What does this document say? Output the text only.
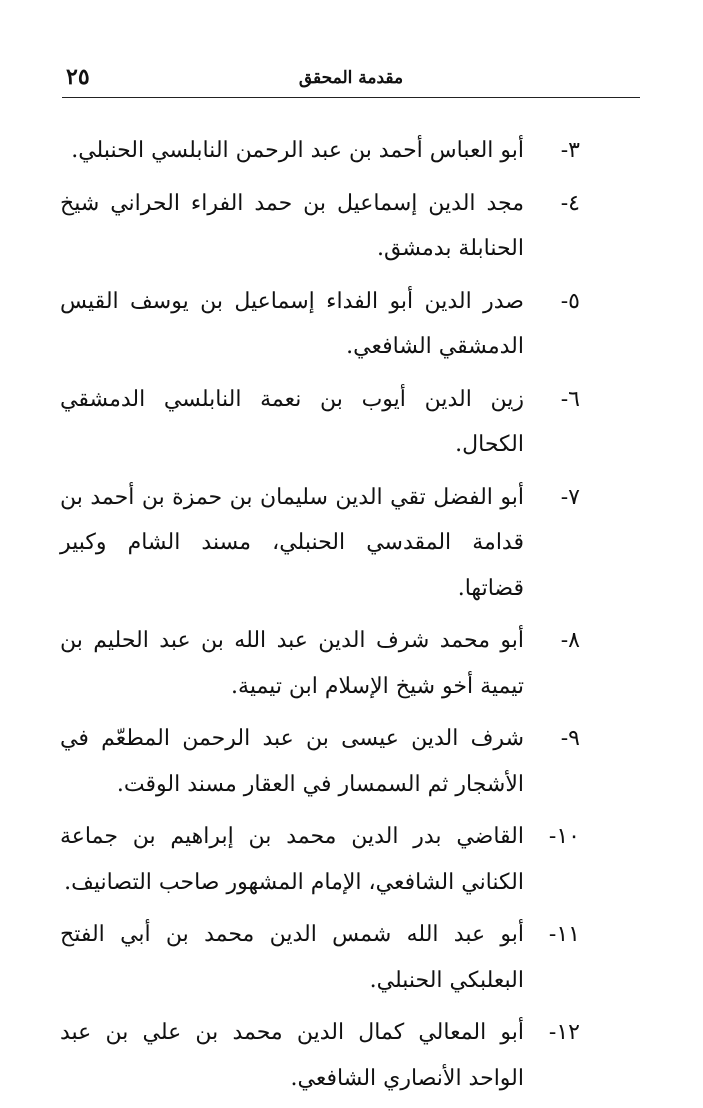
٢٥	مقدمة المحقق
٣-
أبو العباس أحمد بن عبد الرحمن النابلسي الحنبلي.
٤-
مجد الدين إسماعيل بن حمد الفراء الحراني شيخ الحنابلة بدمشق.
٥-
صدر الدين أبو الفداء إسماعيل بن يوسف القيس الدمشقي الشافعي.
٦-
زين الدين أيوب بن نعمة النابلسي الدمشقي الكحال.
٧-
أبو الفضل تقي الدين سليمان بن حمزة بن أحمد بن قدامة المقدسي الحنبلي، مسند الشام وكبير قضاتها.
٨-
أبو محمد شرف الدين عبد الله بن عبد الحليم بن تيمية أخو شيخ الإسلام ابن تيمية.
٩-
شرف الدين عيسى بن عبد الرحمن المطعّم في الأشجار ثم السمسار في العقار مسند الوقت.
١٠-
القاضي بدر الدين محمد بن إبراهيم بن جماعة الكناني الشافعي، الإمام المشهور صاحب التصانيف.
١١-
أبو عبد الله شمس الدين محمد بن أبي الفتح البعلبكي الحنبلي.
١٢-
أبو المعالي كمال الدين محمد بن علي بن عبد الواحد الأنصاري الشافعي.
